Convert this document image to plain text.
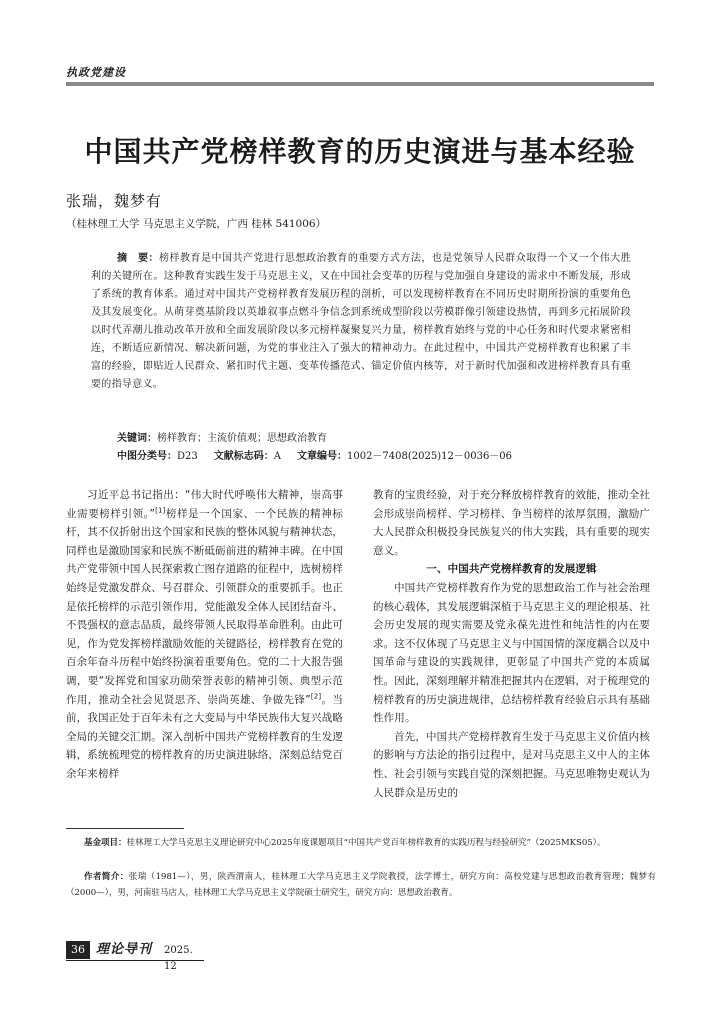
执政党建设
中国共产党榜样教育的历史演进与基本经验
张瑞，魏梦有
（桂林理工大学 马克思主义学院，广西 桂林 541006）
摘　要：榜样教育是中国共产党进行思想政治教育的重要方式方法，也是党领导人民群众取得一个又一个伟大胜利的关键所在。这种教育实践生发于马克思主义，又在中国社会变革的历程与党加强自身建设的需求中不断发展，形成了系统的教育体系。通过对中国共产党榜样教育发展历程的剖析，可以发现榜样教育在不同历史时期所扮演的重要角色及其发展变化。从萌芽奠基阶段以英雄叙事点燃斗争信念到系统成型阶段以劳模群像引领建设热情，再到多元拓展阶段以时代弄潮儿推动改革开放和全面发展阶段以多元榜样凝聚复兴力量，榜样教育始终与党的中心任务和时代要求紧密相连，不断适应新情况、解决新问题，为党的事业注入了强大的精神动力。在此过程中，中国共产党榜样教育也积累了丰富的经验，即贴近人民群众、紧扣时代主题、变革传播范式、锚定价值内核等，对于新时代加强和改进榜样教育具有重要的指导意义。
关键词：榜样教育；主流价值观；思想政治教育
中图分类号：D23 文献标志码：A 文章编号：1002－7408(2025)12－0036－06

习近平总书记指出：“伟大时代呼唤伟大精神，崇高事业需要榜样引领。”[1]榜样是一个国家、一个民族的精神标杆，其不仅折射出这个国家和民族的整体风貌与精神状态，同样也是激励国家和民族不断砥砺前进的精神丰碑。在中国共产党带领中国人民探索救亡图存道路的征程中，选树榜样始终是党激发群众、号召群众、引领群众的重要抓手。也正是依托榜样的示范引领作用，党能激发全体人民团结奋斗、不畏强权的意志品质，最终带领人民取得革命胜利。由此可见，作为党发挥榜样激励效能的关键路径，榜样教育在党的百余年奋斗历程中始终扮演着重要角色。党的二十大报告强调，要“发挥党和国家功勋荣誉表彰的精神引领、典型示范作用，推动全社会见贤思齐、崇尚英雄、争做先锋”[2]。当前，我国正处于百年未有之大变局与中华民族伟大复兴战略全局的关键交汇期。深入剖析中国共产党榜样教育的生发逻辑，系统梳理党的榜样教育的历史演进脉络，深刻总结党百余年来榜样

教育的宝贵经验，对于充分释放榜样教育的效能，推动全社会形成崇尚榜样、学习榜样、争当榜样的浓厚氛围，激励广大人民群众积极投身民族复兴的伟大实践，具有重要的现实意义。

一、中国共产党榜样教育的发展逻辑

中国共产党榜样教育作为党的思想政治工作与社会治理的核心载体，其发展逻辑深植于马克思主义的理论根基、社会历史发展的现实需要及党永葆先进性和纯洁性的内在要求。这不仅体现了马克思主义与中国国情的深度耦合以及中国革命与建设的实践规律，更彰显了中国共产党的本质属性。因此，深刻理解并精准把握其内在逻辑，对于梳理党的榜样教育的历史演进规律，总结榜样教育经验启示具有基础性作用。

首先，中国共产党榜样教育生发于马克思主义价值内核的影响与方法论的指引过程中，是对马克思主义中人的主体性、社会引领与实践自觉的深刻把握。马克思唯物史观认为人民群众是历史的

基金项目：桂林理工大学马克思主义理论研究中心2025年度课题项目“中国共产党百年榜样教育的实践历程与经验研究”（2025MKS05）。
作者简介：张瑞（1981—），男，陕西渭南人，桂林理工大学马克思主义学院教授，法学博士，研究方向：高校党建与思想政治教育管理；魏梦有（2000—），男，河南驻马店人，桂林理工大学马克思主义学院硕士研究生，研究方向：思想政治教育。
36 理论导刊 2025. 12
